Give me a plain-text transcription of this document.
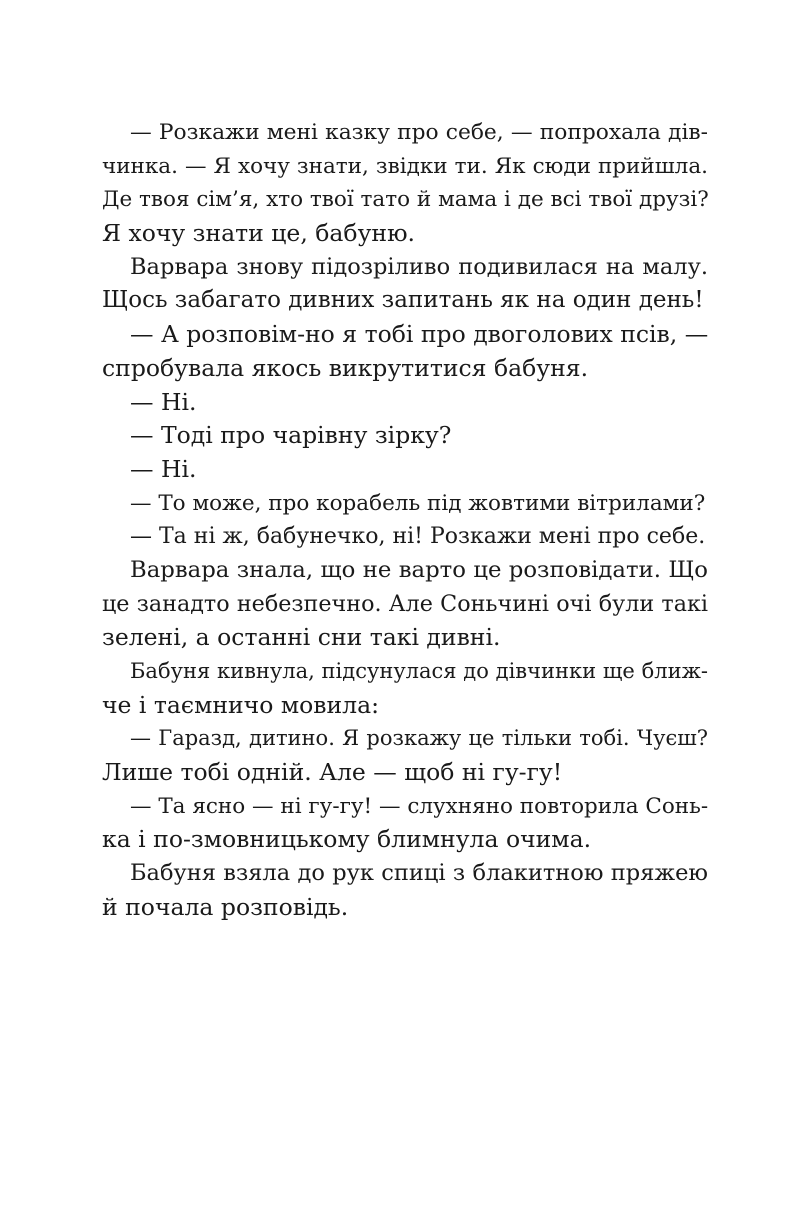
— Розкажи мені казку про себе, — попрохала дів-
чинка. — Я хочу знати, звідки ти. Як сюди прийшла.
Де твоя сім’я, хто твої тато й мама і де всі твої друзі?
Я хочу знати це, бабуню.
Варвара знову підозріливо подивилася на малу.
Щось забагато дивних запитань як на один день!
— А розповім-но я тобі про двоголових псів, —
спробувала якось викрутитися бабуня.
— Ні.
— Тоді про чарівну зірку?
— Ні.
— То може, про корабель під жовтими вітрилами?
— Та ні ж, бабунечко, ні! Розкажи мені про себе.
Варвара знала, що не варто це розповідати. Що
це занадто небезпечно. Але Соньчині очі були такі
зелені, а останні сни такі дивні.
Бабуня кивнула, підсунулася до дівчинки ще ближ-
че і таємничо мовила:
— Гаразд, дитино. Я розкажу це тільки тобі. Чуєш?
Лише тобі одній. Але — щоб ні гу-гу!
— Та ясно — ні гу-гу! — слухняно повторила Сонь-
ка і по-змовницькому блимнула очима.
Бабуня взяла до рук спиці з блакитною пряжею
й почала розповідь.
